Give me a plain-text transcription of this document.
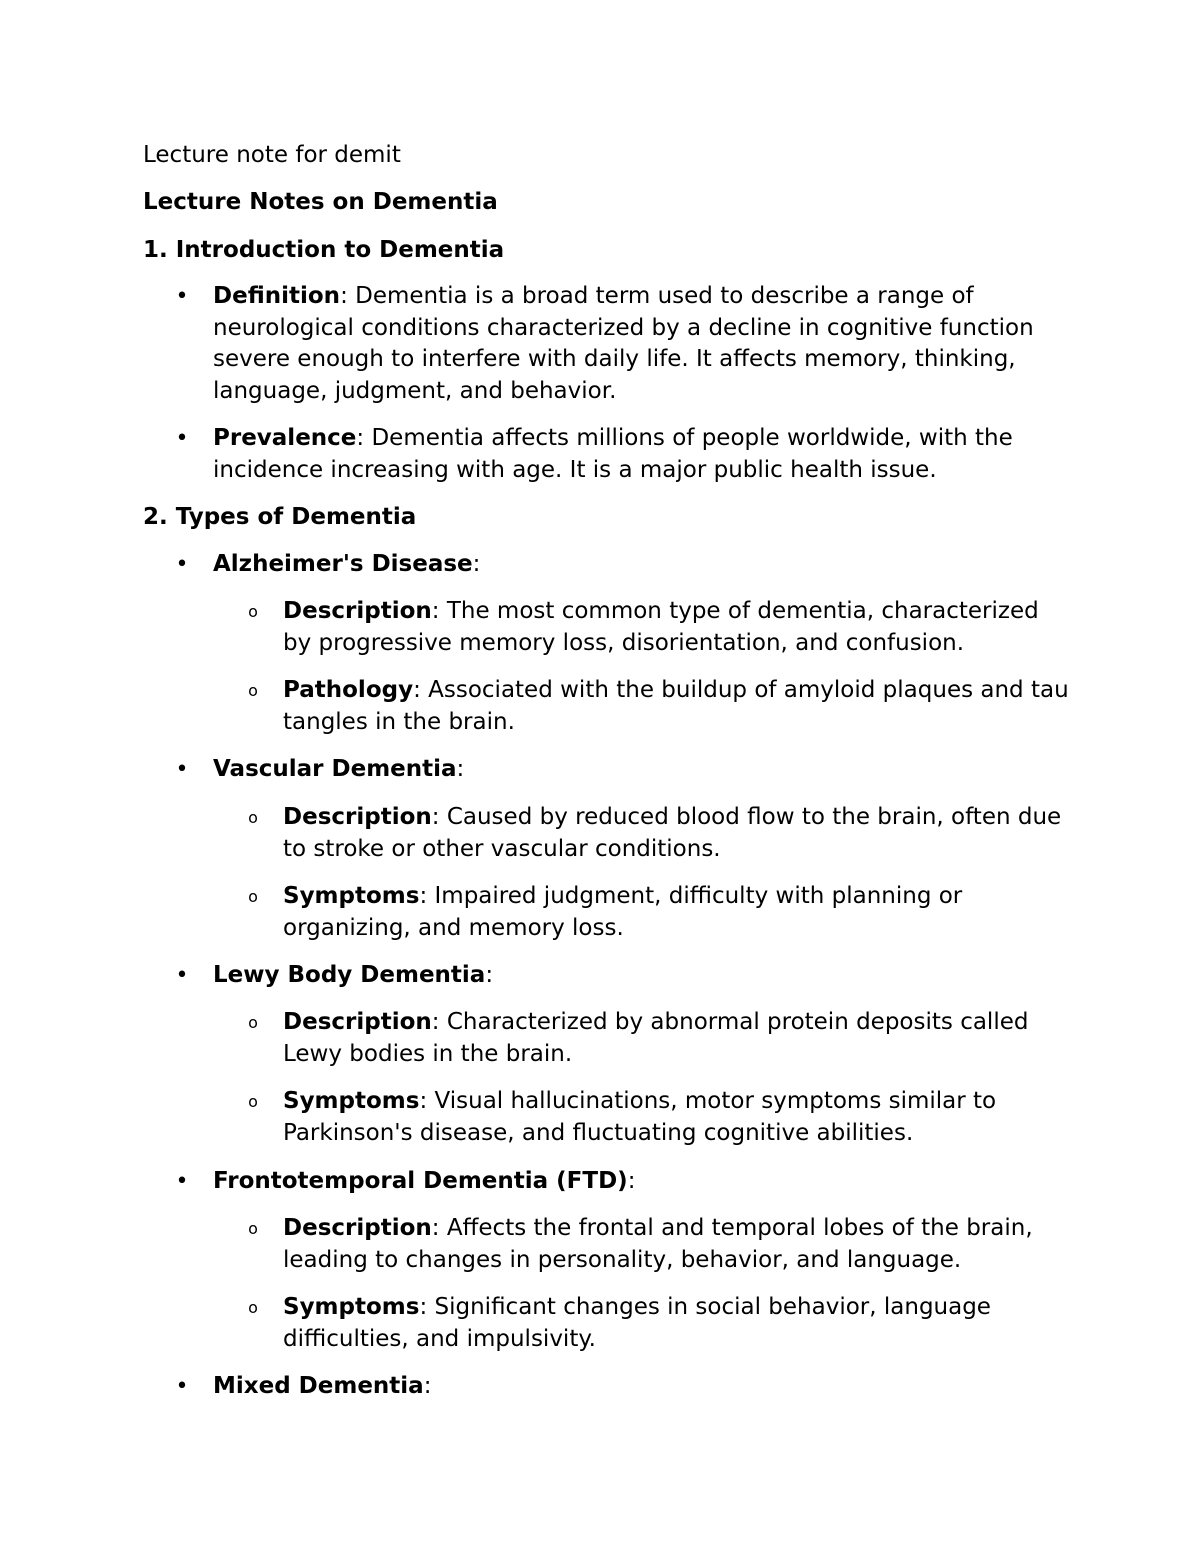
Lecture note for demit
Lecture Notes on Dementia
1. Introduction to Dementia
• Definition: Dementia is a broad term used to describe a range of neurological conditions characterized by a decline in cognitive function severe enough to interfere with daily life. It affects memory, thinking, language, judgment, and behavior.
• Prevalence: Dementia affects millions of people worldwide, with the incidence increasing with age. It is a major public health issue.
2. Types of Dementia
• Alzheimer's Disease:
o Description: The most common type of dementia, characterized by progressive memory loss, disorientation, and confusion.
o Pathology: Associated with the buildup of amyloid plaques and tau tangles in the brain.
• Vascular Dementia:
o Description: Caused by reduced blood flow to the brain, often due to stroke or other vascular conditions.
o Symptoms: Impaired judgment, difficulty with planning or organizing, and memory loss.
• Lewy Body Dementia:
o Description: Characterized by abnormal protein deposits called Lewy bodies in the brain.
o Symptoms: Visual hallucinations, motor symptoms similar to Parkinson's disease, and fluctuating cognitive abilities.
• Frontotemporal Dementia (FTD):
o Description: Affects the frontal and temporal lobes of the brain, leading to changes in personality, behavior, and language.
o Symptoms: Significant changes in social behavior, language difficulties, and impulsivity.
• Mixed Dementia:
